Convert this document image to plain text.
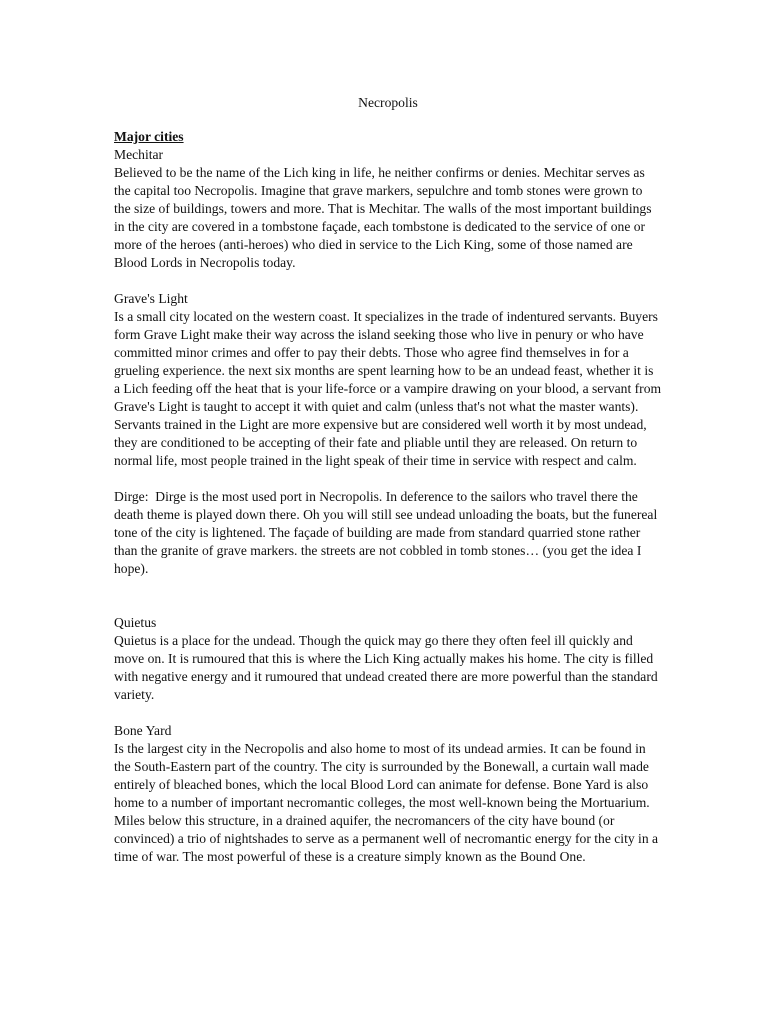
Necropolis
Major cities
Mechitar

Believed to be the name of the Lich king in life, he neither confirms or denies. Mechitar serves as the capital too Necropolis. Imagine that grave markers, sepulchre and tomb stones were grown to the size of buildings, towers and more. That is Mechitar. The walls of the most important buildings in the city are covered in a tombstone façade, each tombstone is dedicated to the service of one or more of the heroes (anti-heroes) who died in service to the Lich King, some of those named are Blood Lords in Necropolis today.

Grave's Light

Is a small city located on the western coast. It specializes in the trade of indentured servants. Buyers form Grave Light make their way across the island seeking those who live in penury or who have committed minor crimes and offer to pay their debts. Those who agree find themselves in for a grueling experience. the next six months are spent learning how to be an undead feast, whether it is a Lich feeding off the heat that is your life-force or a vampire drawing on your blood, a servant from Grave's Light is taught to accept it with quiet and calm (unless that's not what the master wants). Servants trained in the Light are more expensive but are considered well worth it by most undead, they are conditioned to be accepting of their fate and pliable until they are released. On return to normal life, most people trained in the light speak of their time in service with respect and calm.

Dirge: Dirge is the most used port in Necropolis. In deference to the sailors who travel there the death theme is played down there. Oh you will still see undead unloading the boats, but the funereal tone of the city is lightened. The façade of building are made from standard quarried stone rather than the granite of grave markers. the streets are not cobbled in tomb stones… (you get the idea I hope).

Quietus

Quietus is a place for the undead. Though the quick may go there they often feel ill quickly and move on. It is rumoured that this is where the Lich King actually makes his home. The city is filled with negative energy and it rumoured that undead created there are more powerful than the standard variety.

Bone Yard

Is the largest city in the Necropolis and also home to most of its undead armies. It can be found in the South-Eastern part of the country. The city is surrounded by the Bonewall, a curtain wall made entirely of bleached bones, which the local Blood Lord can animate for defense. Bone Yard is also home to a number of important necromantic colleges, the most well-known being the Mortuarium. Miles below this structure, in a drained aquifer, the necromancers of the city have bound (or convinced) a trio of nightshades to serve as a permanent well of necromantic energy for the city in a time of war. The most powerful of these is a creature simply known as the Bound One.
